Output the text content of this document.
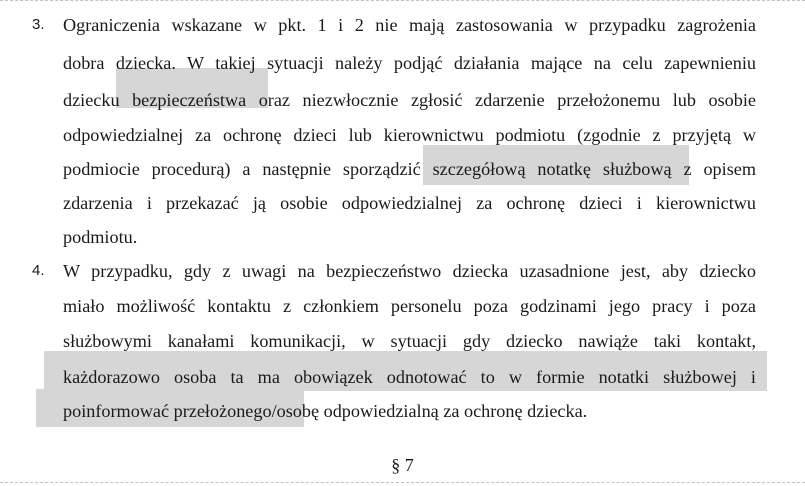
3. Ograniczenia wskazane w pkt. 1 i 2 nie mają zastosowania w przypadku zagrożenia
dobra dziecka. W takiej sytuacji należy podjąć działania mające na celu zapewnieniu
dziecku bezpieczeństwa oraz niezwłocznie zgłosić zdarzenie przełożonemu lub osobie
odpowiedzialnej za ochronę dzieci lub kierownictwu podmiotu (zgodnie z przyjętą w
podmiocie procedurą) a następnie sporządzić szczegółową notatkę służbową z opisem
zdarzenia i przekazać ją osobie odpowiedzialnej za ochronę dzieci i kierownictwu
podmiotu.
4. W przypadku, gdy z uwagi na bezpieczeństwo dziecka uzasadnione jest, aby dziecko
miało możliwość kontaktu z członkiem personelu poza godzinami jego pracy i poza
służbowymi kanałami komunikacji, w sytuacji gdy dziecko nawiąże taki kontakt,
każdorazowo osoba ta ma obowiązek odnotować to w formie notatki służbowej i
poinformować przełożonego/osobę odpowiedzialną za ochronę dziecka.
§ 7
